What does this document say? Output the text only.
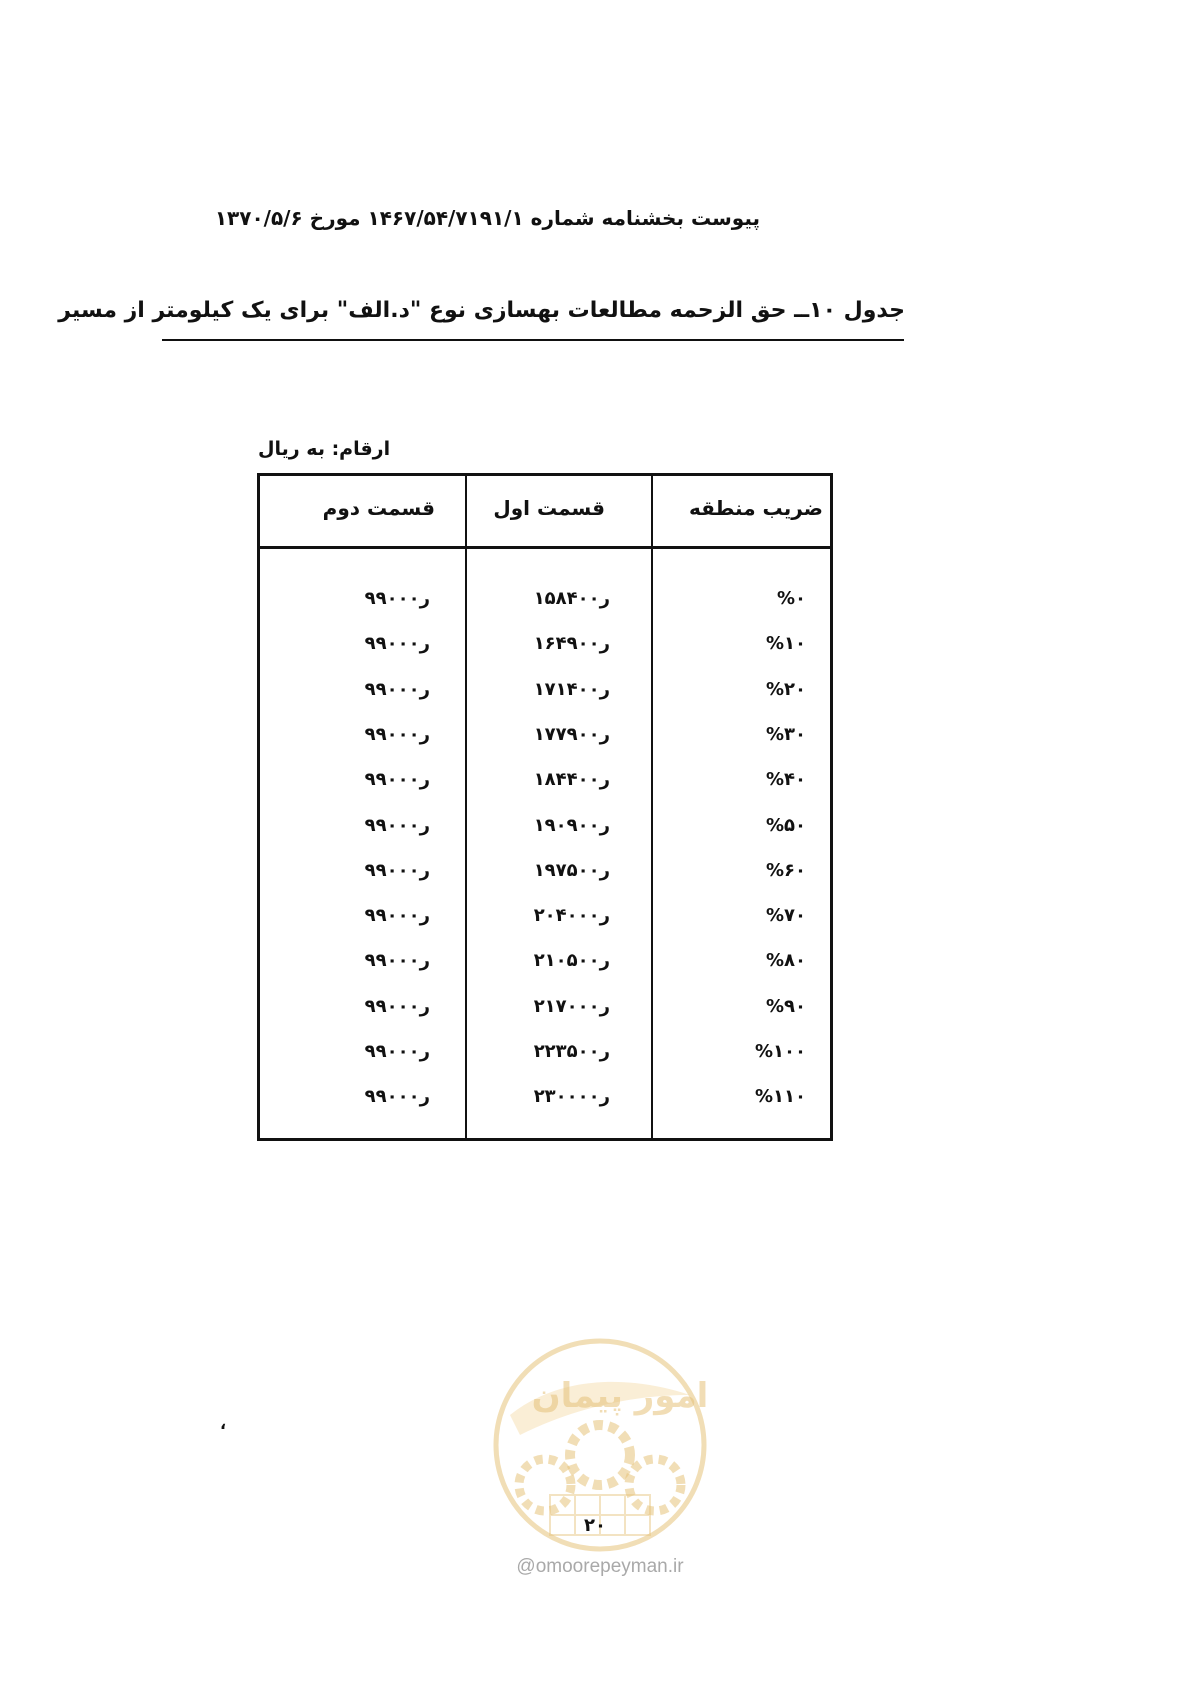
پیوست بخشنامه شماره ۱۴۶۷/۵۴/۷۱۹۱/۱ مورخ ۱۳۷۰/۵/۶
جدول ۱۰ــ حق الزحمه مطالعات بهسازی نوع "د.الف" برای یک کیلومتر از مسیر
ارقام: به ریال
قسمت دوم	قسمت اول	ضریب منطقه
۹۹ر۰۰۰	۱۵۸ر۴۰۰	%۰
۹۹ر۰۰۰	۱۶۴ر۹۰۰	%۱۰
۹۹ر۰۰۰	۱۷۱ر۴۰۰	%۲۰
۹۹ر۰۰۰	۱۷۷ر۹۰۰	%۳۰
۹۹ر۰۰۰	۱۸۴ر۴۰۰	%۴۰
۹۹ر۰۰۰	۱۹۰ر۹۰۰	%۵۰
۹۹ر۰۰۰	۱۹۷ر۵۰۰	%۶۰
۹۹ر۰۰۰	۲۰۴ر۰۰۰	%۷۰
۹۹ر۰۰۰	۲۱۰ر۵۰۰	%۸۰
۹۹ر۰۰۰	۲۱۷ر۰۰۰	%۹۰
۹۹ر۰۰۰	۲۲۳ر۵۰۰	%۱۰۰
۹۹ر۰۰۰	۲۳۰ر۰۰۰	%۱۱۰
امور پیمان
۲۰
@omoorepeyman.ir
،
